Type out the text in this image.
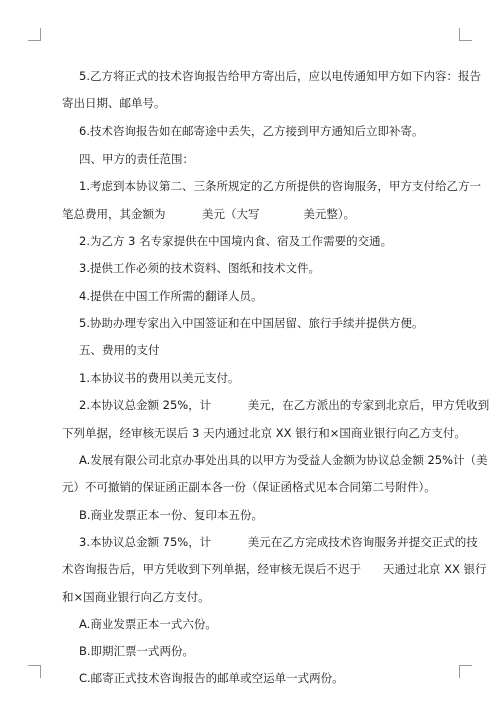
5.乙方将正式的技术咨询报告给甲方寄出后，应以电传通知甲方如下内容：报告

寄出日期、邮单号。

6.技术咨询报告如在邮寄途中丢失，乙方接到甲方通知后立即补寄。

四、甲方的责任范围：

1.考虑到本协议第二、三条所规定的乙方所提供的咨询服务，甲方支付给乙方一

笔总费用，其金额为          美元（大写            美元整）。

2.为乙方 3 名专家提供在中国境内食、宿及工作需要的交通。

3.提供工作必须的技术资料、图纸和技术文件。

4.提供在中国工作所需的翻译人员。

5.协助办理专家出入中国签证和在中国居留、旅行手续并提供方便。

五、费用的支付

1.本协议书的费用以美元支付。

2.本协议总金额 25%，计          美元，在乙方派出的专家到北京后，甲方凭收到

下列单据，经审核无误后 3 天内通过北京 XX 银行和×国商业银行向乙方支付。

A.发展有限公司北京办事处出具的以甲方为受益人金额为协议总金额 25%计（美

元）不可撤销的保证函正副本各一份（保证函格式见本合同第二号附件）。

B.商业发票正本一份、复印本五份。

3.本协议总金额 75%，计          美元在乙方完成技术咨询服务并提交正式的技

术咨询报告后，甲方凭收到下列单据，经审核无误后不迟于      天通过北京 XX 银行

和×国商业银行向乙方支付。

A.商业发票正本一式六份。

B.即期汇票一式两份。

C.邮寄正式技术咨询报告的邮单或空运单一式两份。
